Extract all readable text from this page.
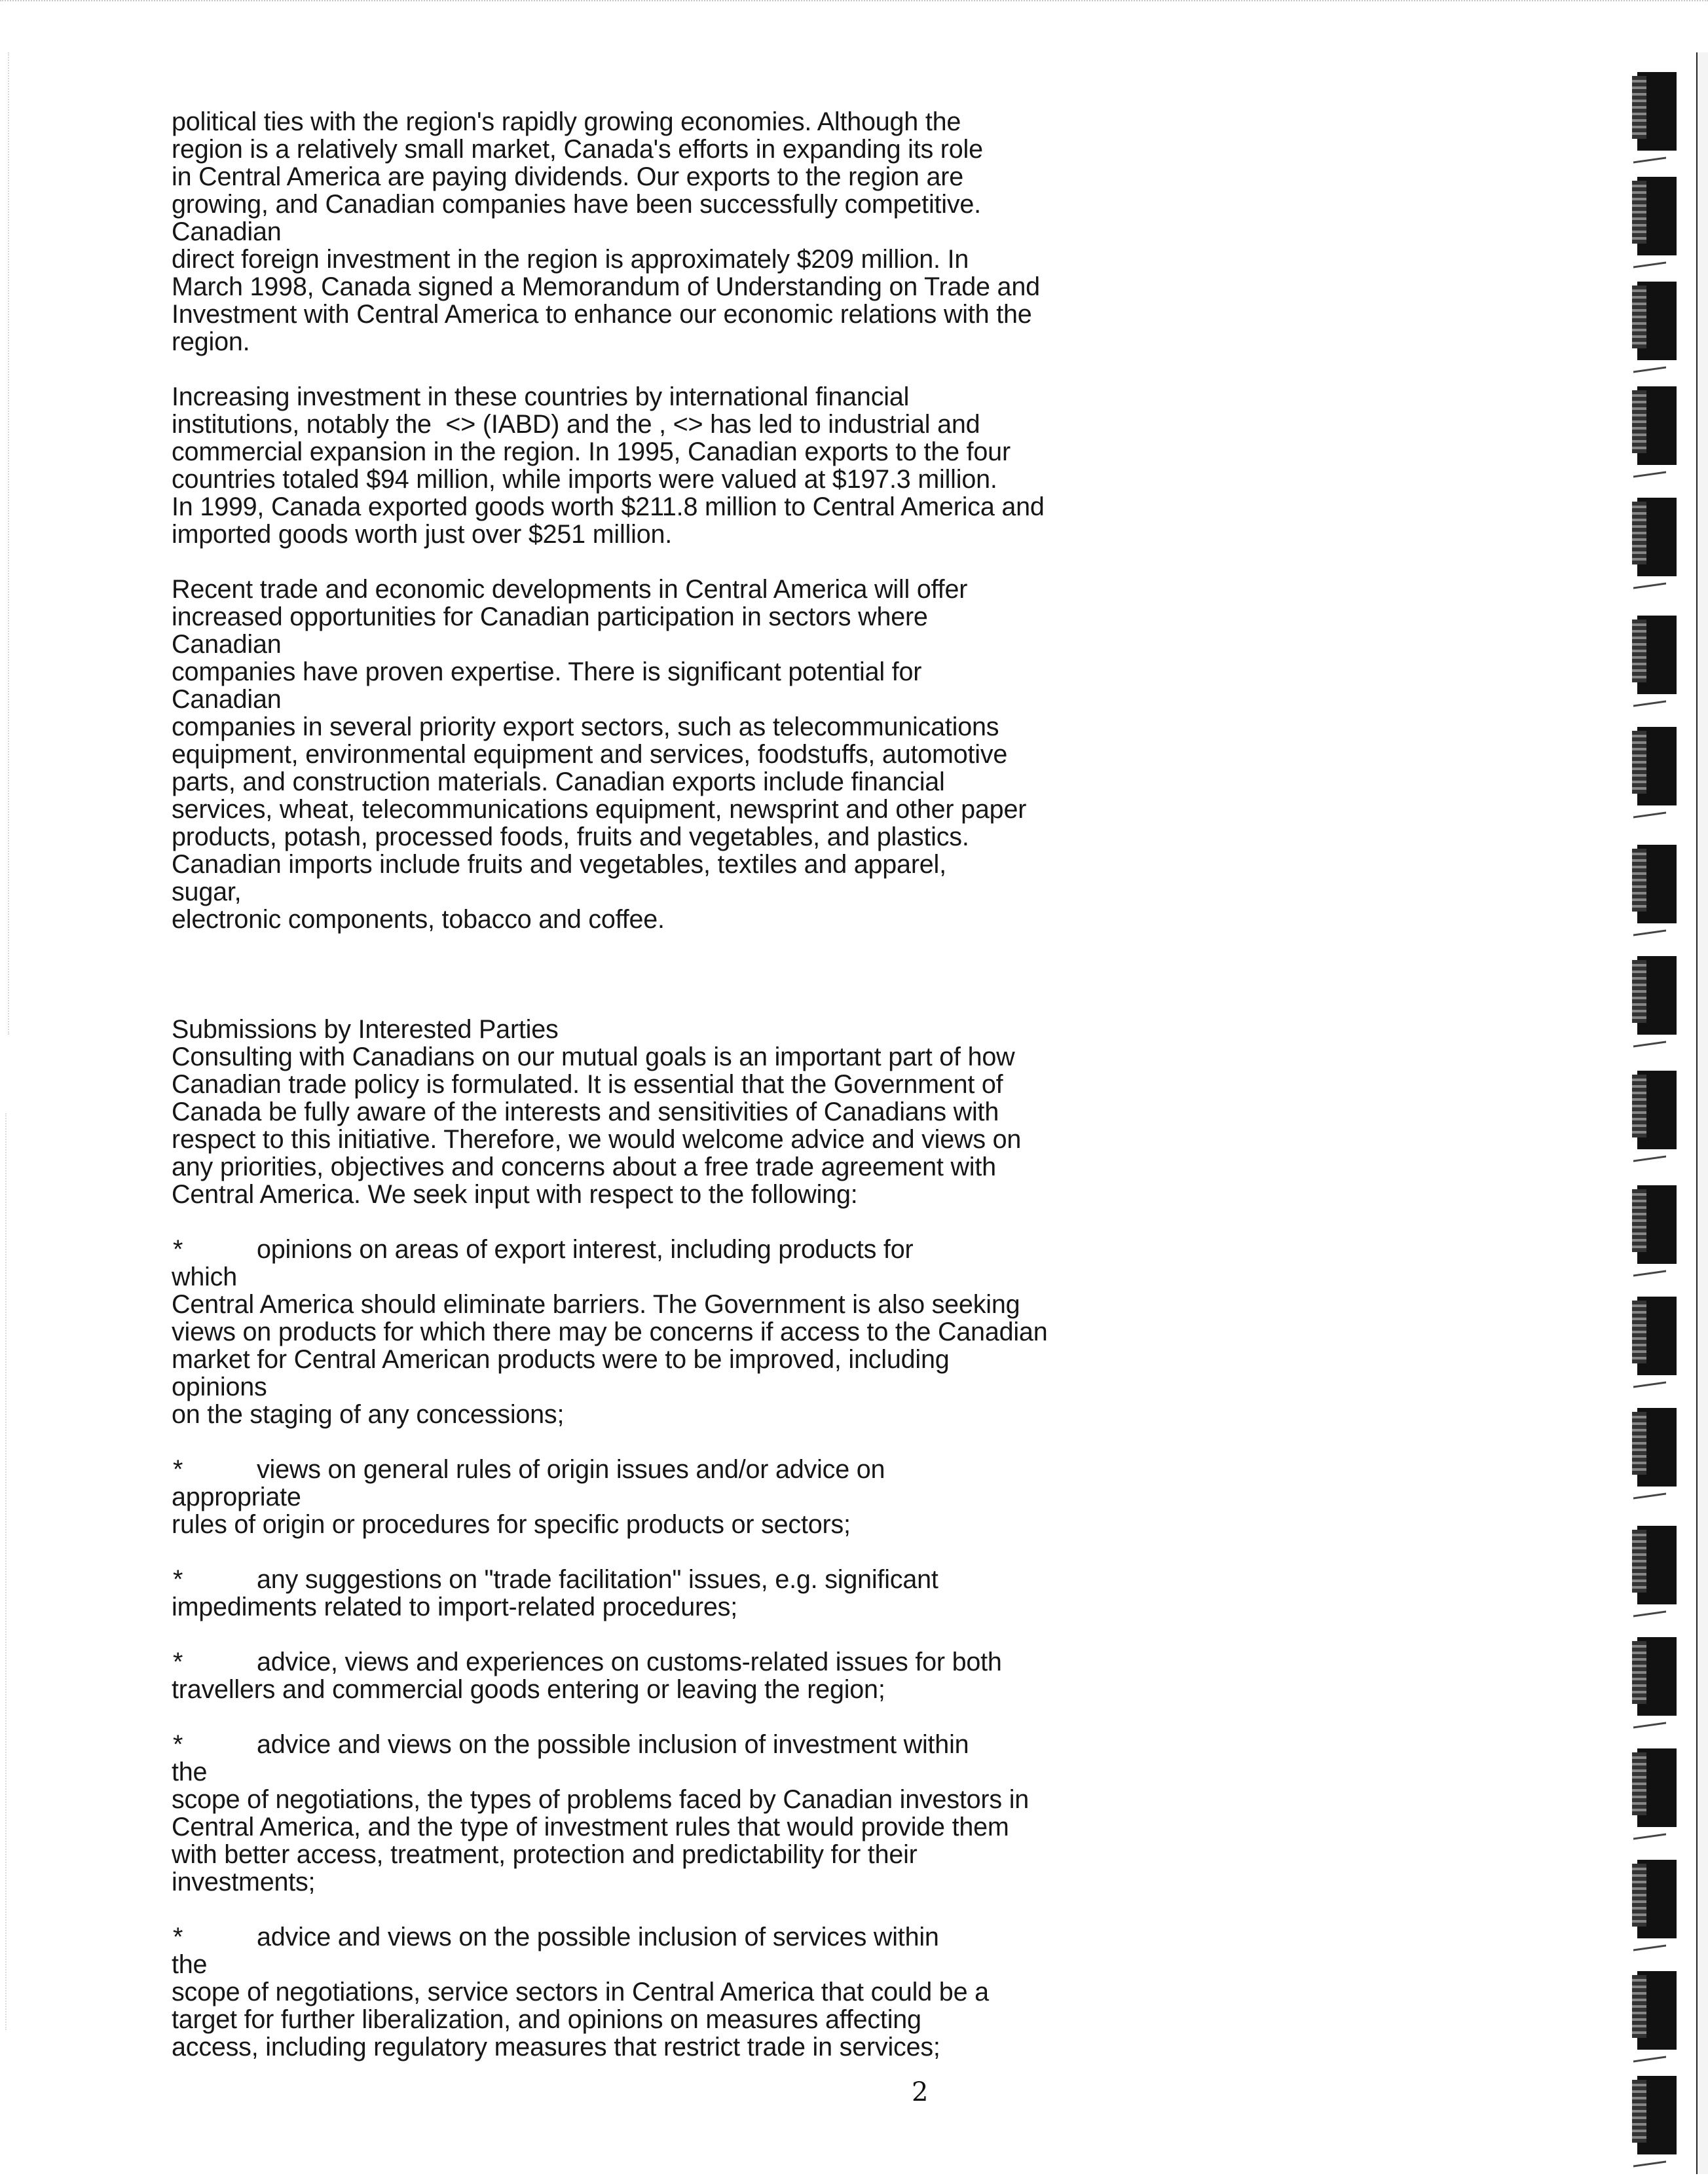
political ties with the region's rapidly growing economies. Although the
region is a relatively small market, Canada's efforts in expanding its role
in Central America are paying dividends. Our exports to the region are
growing, and Canadian companies have been successfully competitive.
Canadian
direct foreign investment in the region is approximately $209 million. In
March 1998, Canada signed a Memorandum of Understanding on Trade and
Investment with Central America to enhance our economic relations with the
region.
Increasing investment in these countries by international financial
institutions, notably the  <> (IABD) and the , <> has led to industrial and
commercial expansion in the region. In 1995, Canadian exports to the four
countries totaled $94 million, while imports were valued at $197.3 million.
In 1999, Canada exported goods worth $211.8 million to Central America and
imported goods worth just over $251 million.
Recent trade and economic developments in Central America will offer
increased opportunities for Canadian participation in sectors where
Canadian
companies have proven expertise. There is significant potential for
Canadian
companies in several priority export sectors, such as telecommunications
equipment, environmental equipment and services, foodstuffs, automotive
parts, and construction materials. Canadian exports include financial
services, wheat, telecommunications equipment, newsprint and other paper
products, potash, processed foods, fruits and vegetables, and plastics.
Canadian imports include fruits and vegetables, textiles and apparel,
sugar,
electronic components, tobacco and coffee.
Submissions by Interested Parties
Consulting with Canadians on our mutual goals is an important part of how
Canadian trade policy is formulated. It is essential that the Government of
Canada be fully aware of the interests and sensitivities of Canadians with
respect to this initiative. Therefore, we would welcome advice and views on
any priorities, objectives and concerns about a free trade agreement with
Central America. We seek input with respect to the following:

*

	opinions on areas of export interest, including products for

which
Central America should eliminate barriers. The Government is also seeking
views on products for which there may be concerns if access to the Canadian
market for Central American products were to be improved, including
opinions
on the staging of any concessions;

*

	views on general rules of origin issues and/or advice on

appropriate
rules of origin or procedures for specific products or sectors;

*

	any suggestions on "trade facilitation" issues, e.g. significant

impediments related to import-related procedures;

*

	advice, views and experiences on customs-related issues for both

travellers and commercial goods entering or leaving the region;

*

	advice and views on the possible inclusion of investment within

the
scope of negotiations, the types of problems faced by Canadian investors in
Central America, and the type of investment rules that would provide them
with better access, treatment, protection and predictability for their
investments;

*

	advice and views on the possible inclusion of services within

the
scope of negotiations, service sectors in Central America that could be a
target for further liberalization, and opinions on measures affecting
access, including regulatory measures that restrict trade in services;
2
